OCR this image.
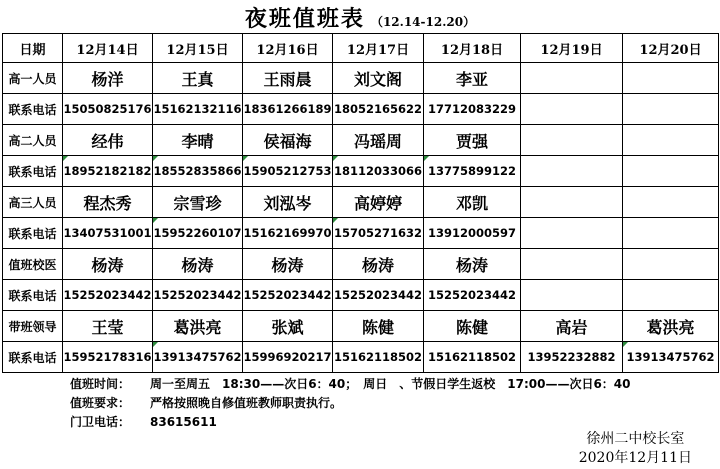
夜班值班表 （12.14-12.20）
日期	12月14日	12月15日	12月16日	12月17日	12月18日	12月19日	12月20日
高一人员	杨洋	王真	王雨晨	刘文阁	李亚		
联系电话	15050825176	15162132116	18361266189	18052165622	17712083229		
高二人员	经伟	李晴	侯福海	冯瑶周	贾强		
联系电话	18952182182	18552835866	15905212753	18112033066	13775899122		
高三人员	程杰秀	宗雪珍	刘泓岑	高婷婷	邓凯		
联系电话	13407531001	15952260107	15162169970	15705271632	13912000597		
值班校医	杨涛	杨涛	杨涛	杨涛	杨涛		
联系电话	15252023442	15252023442	15252023442	15252023442	15252023442		
带班领导	王莹	葛洪亮	张斌	陈健	陈健	高岩	葛洪亮
联系电话	15952178316	13913475762	15996920217	15162118502	15162118502	13952232882	13913475762
值班时间： 周一至周五　18:30——次日6：40；　周日　、节假日学生返校　17:00——次日6：40
值班要求： 严格按照晚自修值班教师职责执行。
门卫电话： 83615611
徐州二中校长室
2020年12月11日
